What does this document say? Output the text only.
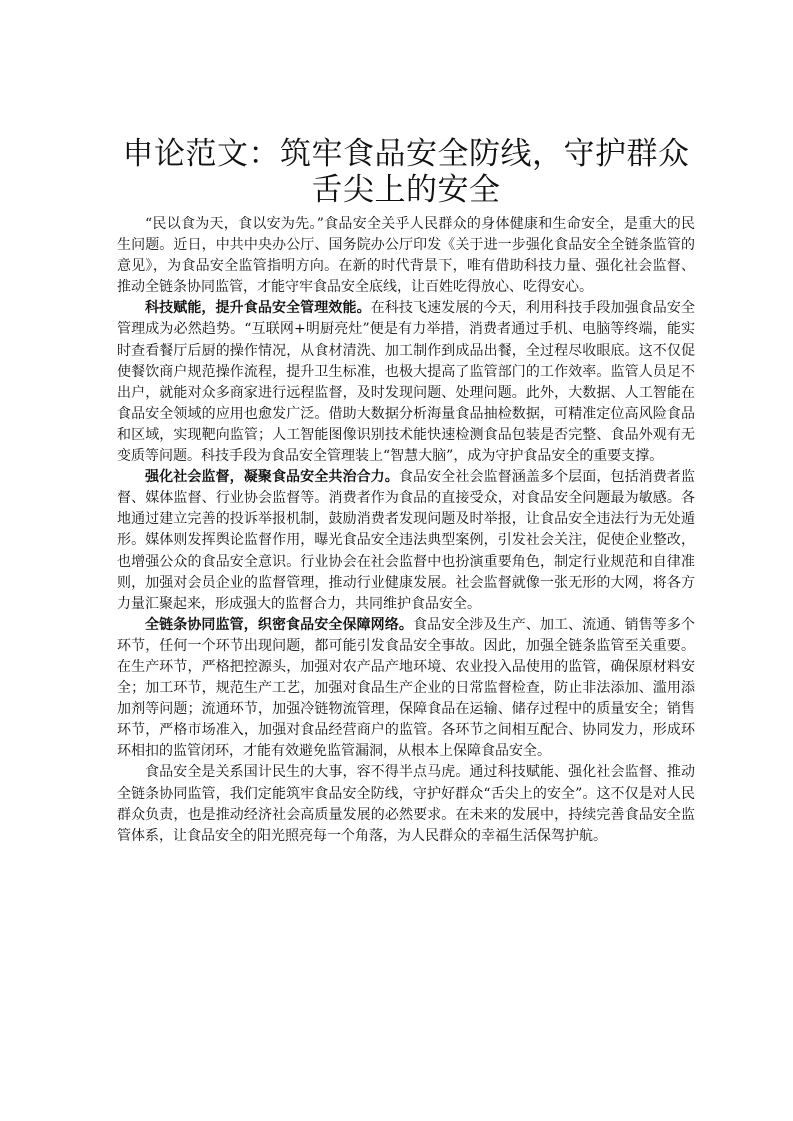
申论范文：筑牢食品安全防线，守护群众舌尖上的安全

“民以食为天，食以安为先。”食品安全关乎人民群众的身体健康和生命安全，是重大的民生问题。近日，中共中央办公厅、国务院办公厅印发《关于进一步强化食品安全全链条监管的意见》，为食品安全监管指明方向。在新的时代背景下，唯有借助科技力量、强化社会监督、推动全链条协同监管，才能守牢食品安全底线，让百姓吃得放心、吃得安心。

科技赋能，提升食品安全管理效能。在科技飞速发展的今天，利用科技手段加强食品安全管理成为必然趋势。“互联网+明厨亮灶”便是有力举措，消费者通过手机、电脑等终端，能实时查看餐厅后厨的操作情况，从食材清洗、加工制作到成品出餐，全过程尽收眼底。这不仅促使餐饮商户规范操作流程，提升卫生标准，也极大提高了监管部门的工作效率。监管人员足不出户，就能对众多商家进行远程监督，及时发现问题、处理问题。此外，大数据、人工智能在食品安全领域的应用也愈发广泛。借助大数据分析海量食品抽检数据，可精准定位高风险食品和区域，实现靶向监管；人工智能图像识别技术能快速检测食品包装是否完整、食品外观有无变质等问题。科技手段为食品安全管理装上“智慧大脑”，成为守护食品安全的重要支撑。

强化社会监督，凝聚食品安全共治合力。食品安全社会监督涵盖多个层面，包括消费者监督、媒体监督、行业协会监督等。消费者作为食品的直接受众，对食品安全问题最为敏感。各地通过建立完善的投诉举报机制，鼓励消费者发现问题及时举报，让食品安全违法行为无处遁形。媒体则发挥舆论监督作用，曝光食品安全违法典型案例，引发社会关注，促使企业整改，也增强公众的食品安全意识。行业协会在社会监督中也扮演重要角色，制定行业规范和自律准则，加强对会员企业的监督管理，推动行业健康发展。社会监督就像一张无形的大网，将各方力量汇聚起来，形成强大的监督合力，共同维护食品安全。

全链条协同监管，织密食品安全保障网络。食品安全涉及生产、加工、流通、销售等多个环节，任何一个环节出现问题，都可能引发食品安全事故。因此，加强全链条监管至关重要。在生产环节，严格把控源头，加强对农产品产地环境、农业投入品使用的监管，确保原材料安全；加工环节，规范生产工艺，加强对食品生产企业的日常监督检查，防止非法添加、滥用添加剂等问题；流通环节，加强冷链物流管理，保障食品在运输、储存过程中的质量安全；销售环节，严格市场准入，加强对食品经营商户的监管。各环节之间相互配合、协同发力，形成环环相扣的监管闭环，才能有效避免监管漏洞，从根本上保障食品安全。

食品安全是关系国计民生的大事，容不得半点马虎。通过科技赋能、强化社会监督、推动全链条协同监管，我们定能筑牢食品安全防线，守护好群众“舌尖上的安全”。这不仅是对人民群众负责，也是推动经济社会高质量发展的必然要求。在未来的发展中，持续完善食品安全监管体系，让食品安全的阳光照亮每一个角落，为人民群众的幸福生活保驾护航。
